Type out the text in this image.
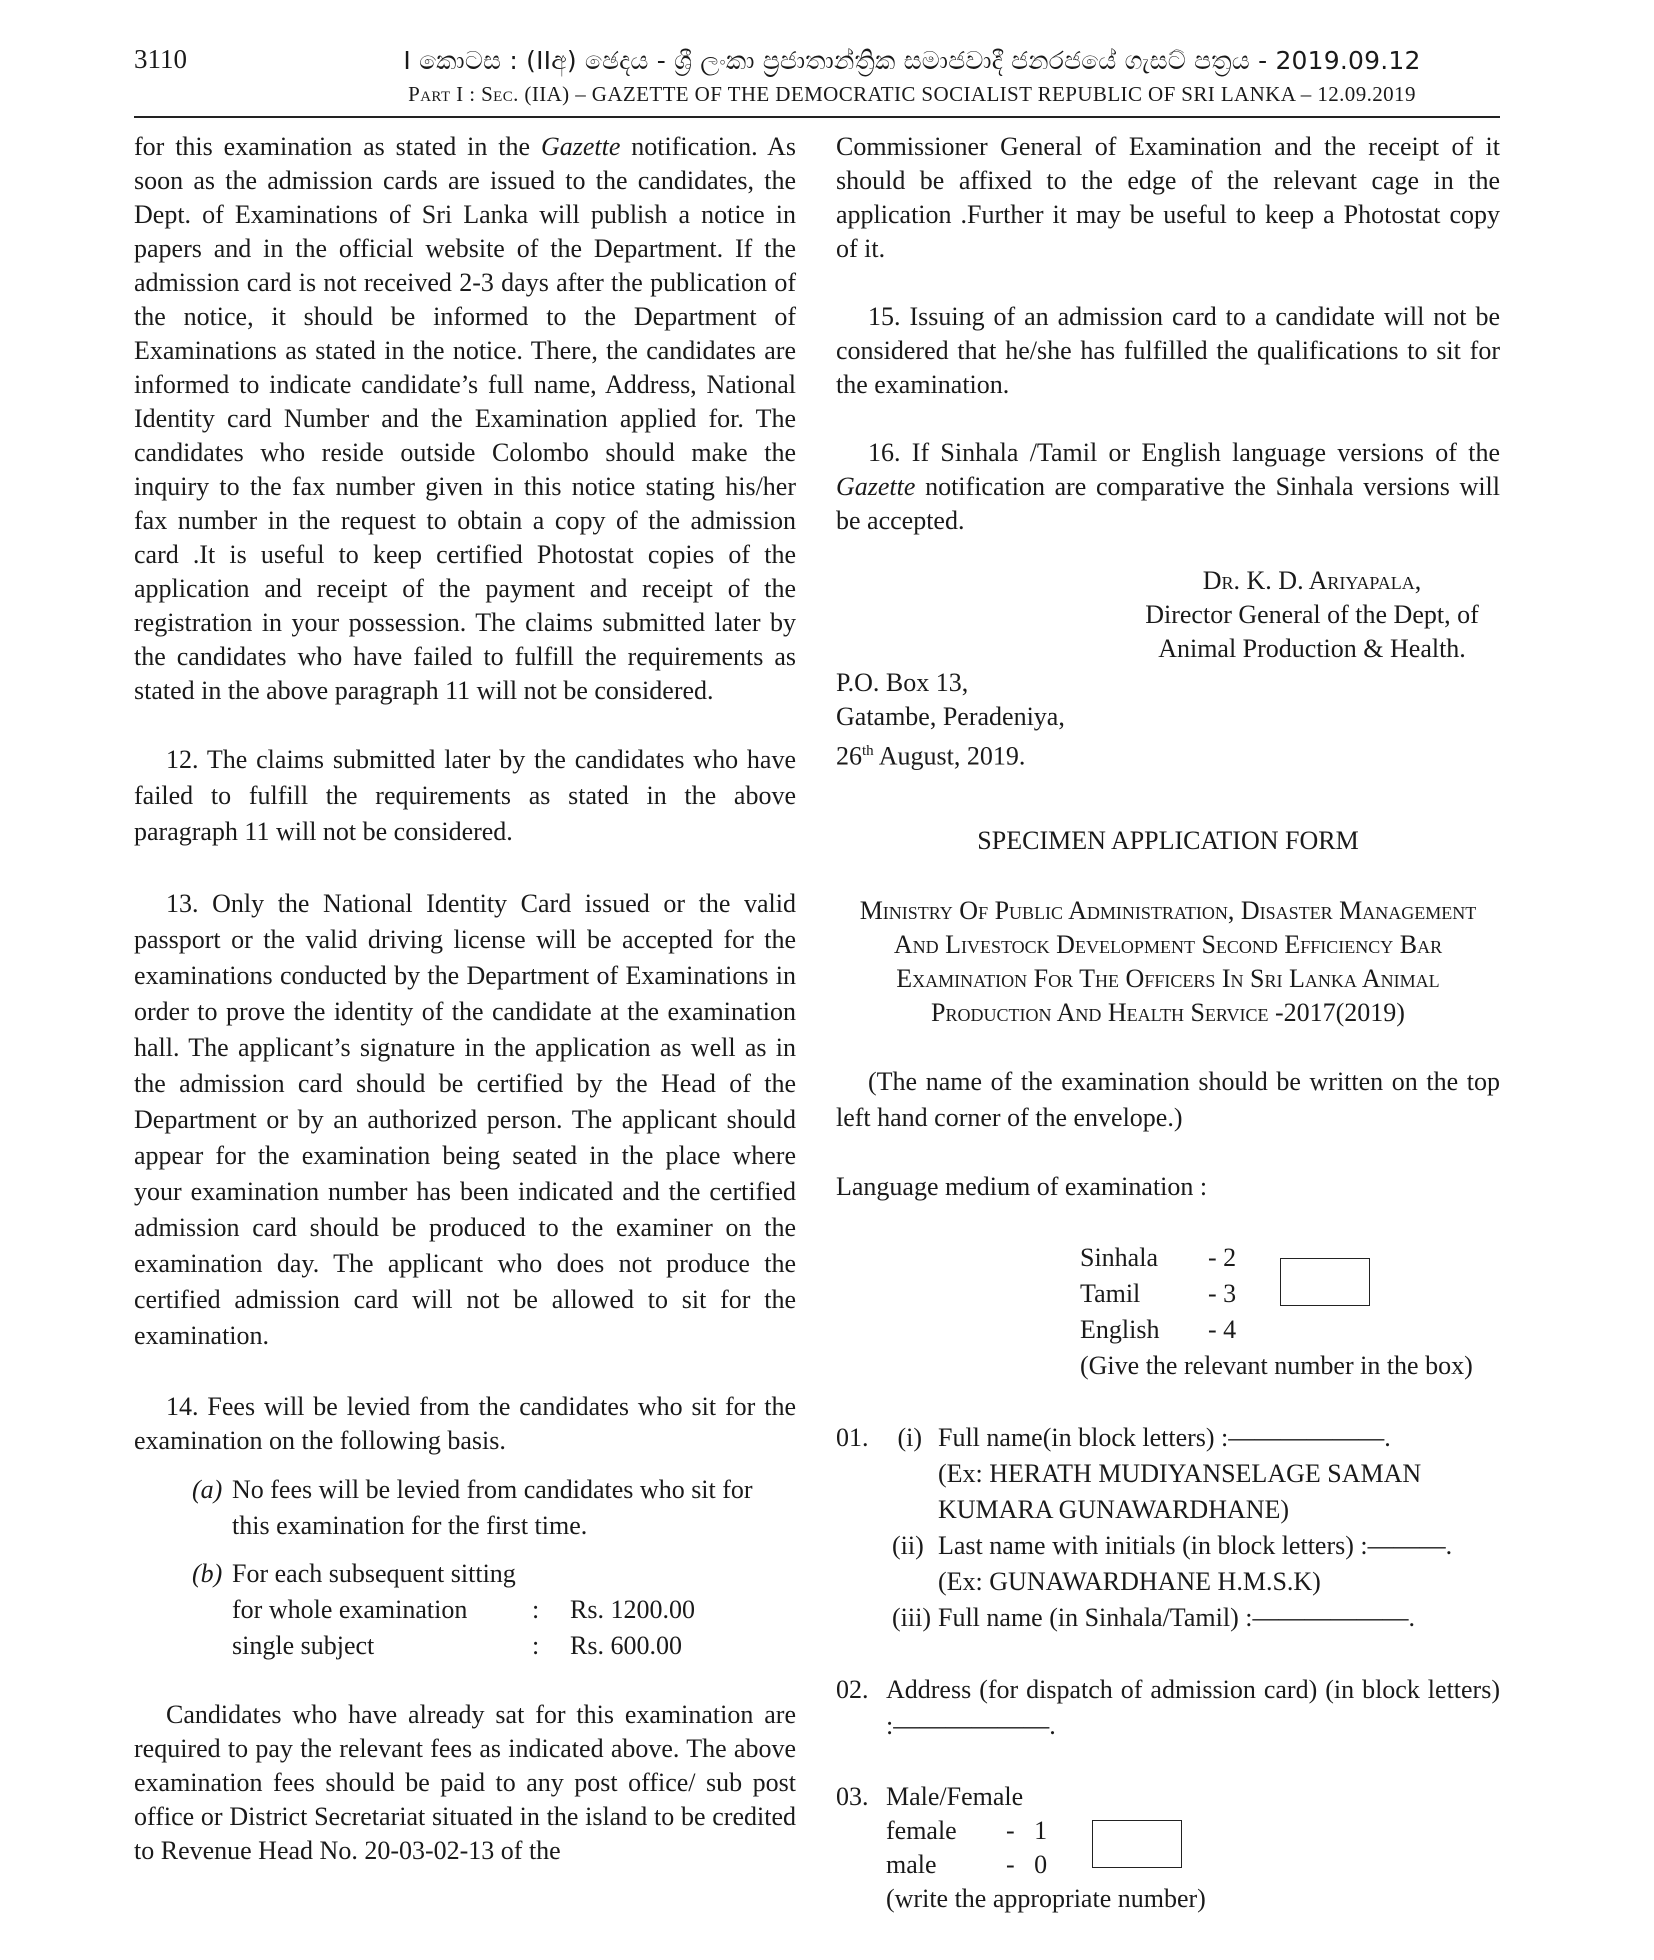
3110	I කොටස : (IIඅ) ඡෙදය - ශ්‍රී ලංකා ප්‍රජාතාන්ත්‍රික සමාජවාදී ජනරජයේ ගැසට් පත්‍රය - 2019.09.12
Part I : Sec. (IIA) – GAZETTE OF THE DEMOCRATIC SOCIALIST REPUBLIC OF SRI LANKA – 12.09.2019

for this examination as stated in the Gazette notification. As soon as the admission cards are issued to the candidates, the Dept. of Examinations of Sri Lanka will publish a notice in papers and in the official website of the Department. If the admission card is not received 2-3 days after the publication of the notice, it should be informed to the Department of Examinations as stated in the notice. There, the candidates are informed to indicate candidate’s full name, Address, National Identity card Number and the Examination applied for. The candidates who reside outside Colombo should make the inquiry to the fax number given in this notice stating his/her fax number in the request to obtain a copy of the admission card .It is useful to keep certified Photostat copies of the application and receipt of the payment and receipt of the registration in your possession. The claims submitted later by the candidates who have failed to fulfill the requirements as stated in the above paragraph 11 will not be considered.

12. The claims submitted later by the candidates who have failed to fulfill the requirements as stated in the above paragraph 11 will not be considered.

13. Only the National Identity Card issued or the valid passport or the valid driving license will be accepted for the examinations conducted by the Department of Examinations in order to prove the identity of the candidate at the examination hall. The applicant’s signature in the application as well as in the admission card should be certified by the Head of the Department or by an authorized person. The applicant should appear for the examination being seated in the place where your examination number has been indicated and the certified admission card should be produced to the examiner on the examination day. The applicant who does not produce the certified admission card will not be allowed to sit for the examination.

14. Fees will be levied from the candidates who sit for the examination on the following basis.

(a) No fees will be levied from candidates who sit for this examination for the first time.
(b) For each subsequent sitting
for whole examination	:	Rs. 1200.00
single subject	:	Rs. 600.00

Candidates who have already sat for this examination are required to pay the relevant fees as indicated above. The above examination fees should be paid to any post office/ sub post office or District Secretariat situated in the island to be credited to Revenue Head No. 20-03-02-13 of the

Commissioner General of Examination and the receipt of it should be affixed to the edge of the relevant cage in the application .Further it may be useful to keep a Photostat copy of it.

15. Issuing of an admission card to a candidate will not be considered that he/she has fulfilled the qualifications to sit for the examination.

16. If Sinhala /Tamil or English language versions of the Gazette notification are comparative the Sinhala versions will be accepted.

Dr. K. D. Ariyapala,
Director General of the Dept, of
Animal Production & Health.
P.O. Box 13,
Gatambe, Peradeniya,
26th August, 2019.
SPECIMEN APPLICATION FORM

Ministry Of Public Administration, Disaster Management And Livestock Development Second Efficiency Bar Examination For The Officers In Sri Lanka Animal Production And Health Service -2017(2019)

(The name of the examination should be written on the top left hand corner of the envelope.)

Language medium of examination :
Sinhala	- 2
Tamil	- 3
English	- 4
(Give the relevant number in the box)
01.	(i) Full name(in block letters) :——————.
(Ex: HERATH MUDIYANSELAGE SAMAN
KUMARA GUNAWARDHANE)
(ii) Last name with initials (in block letters) :———.
(Ex: GUNAWARDHANE H.M.S.K)
(iii) Full name (in Sinhala/Tamil) :——————.
02. Address (for dispatch of admission card) (in block letters) :——————.
03. Male/Female
female	-   1
male	-   0
(write the appropriate number)
